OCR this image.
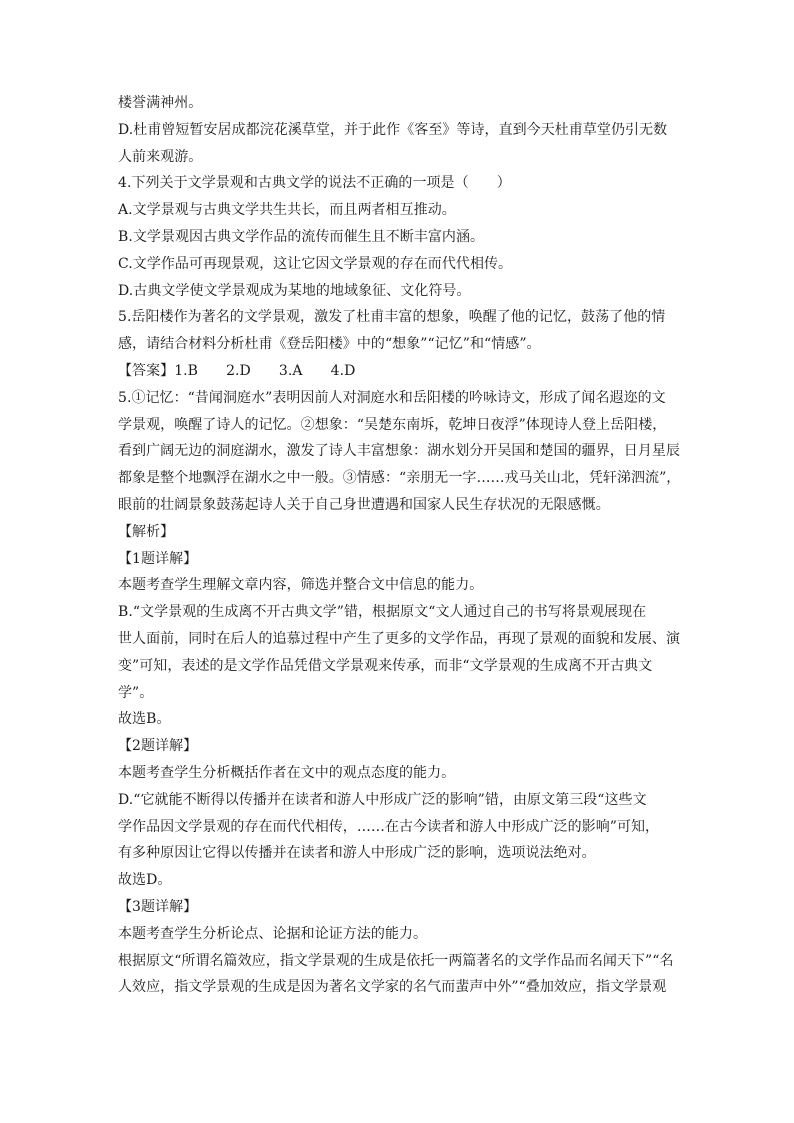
楼誉满神州。
D.杜甫曾短暂安居成都浣花溪草堂，并于此作《客至》等诗，直到今天杜甫草堂仍引无数
人前来观游。
4.下列关于文学景观和古典文学的说法不正确的一项是（　　）
A.文学景观与古典文学共生共长，而且两者相互推动。
B.文学景观因古典文学作品的流传而催生且不断丰富内涵。
C.文学作品可再现景观，这让它因文学景观的存在而代代相传。
D.古典文学使文学景观成为某地的地域象征、文化符号。
5.岳阳楼作为著名的文学景观，激发了杜甫丰富的想象，唤醒了他的记忆，鼓荡了他的情
感，请结合材料分析杜甫《登岳阳楼》中的“想象”“记忆”和“情感”。
【答案】1.B　　2.D　　3.A　　4.D
5.①记忆：“昔闻洞庭水”表明因前人对洞庭水和岳阳楼的吟咏诗文，形成了闻名遐迩的文
学景观，唤醒了诗人的记忆。②想象：“吴楚东南坼，乾坤日夜浮”体现诗人登上岳阳楼，
看到广阔无边的洞庭湖水，激发了诗人丰富想象：湖水划分开吴国和楚国的疆界，日月星辰
都象是整个地飘浮在湖水之中一般。③情感：“亲朋无一字……戎马关山北，凭轩涕泗流”，
眼前的壮阔景象鼓荡起诗人关于自己身世遭遇和国家人民生存状况的无限感慨。
【解析】
【1题详解】
本题考查学生理解文章内容，筛选并整合文中信息的能力。
B.“文学景观的生成离不开古典文学”错，根据原文“文人通过自己的书写将景观展现在
世人面前，同时在后人的追慕过程中产生了更多的文学作品，再现了景观的面貌和发展、演
变”可知，表述的是文学作品凭借文学景观来传承，而非“文学景观的生成离不开古典文
学”。
故选B。
【2题详解】
本题考查学生分析概括作者在文中的观点态度的能力。
D.“它就能不断得以传播并在读者和游人中形成广泛的影响”错，由原文第三段“这些文
学作品因文学景观的存在而代代相传，……在古今读者和游人中形成广泛的影响”可知，
有多种原因让它得以传播并在读者和游人中形成广泛的影响，选项说法绝对。
故选D。
【3题详解】
本题考查学生分析论点、论据和论证方法的能力。
根据原文“所谓名篇效应，指文学景观的生成是依托一两篇著名的文学作品而名闻天下”“名
人效应，指文学景观的生成是因为著名文学家的名气而蜚声中外”“叠加效应，指文学景观
